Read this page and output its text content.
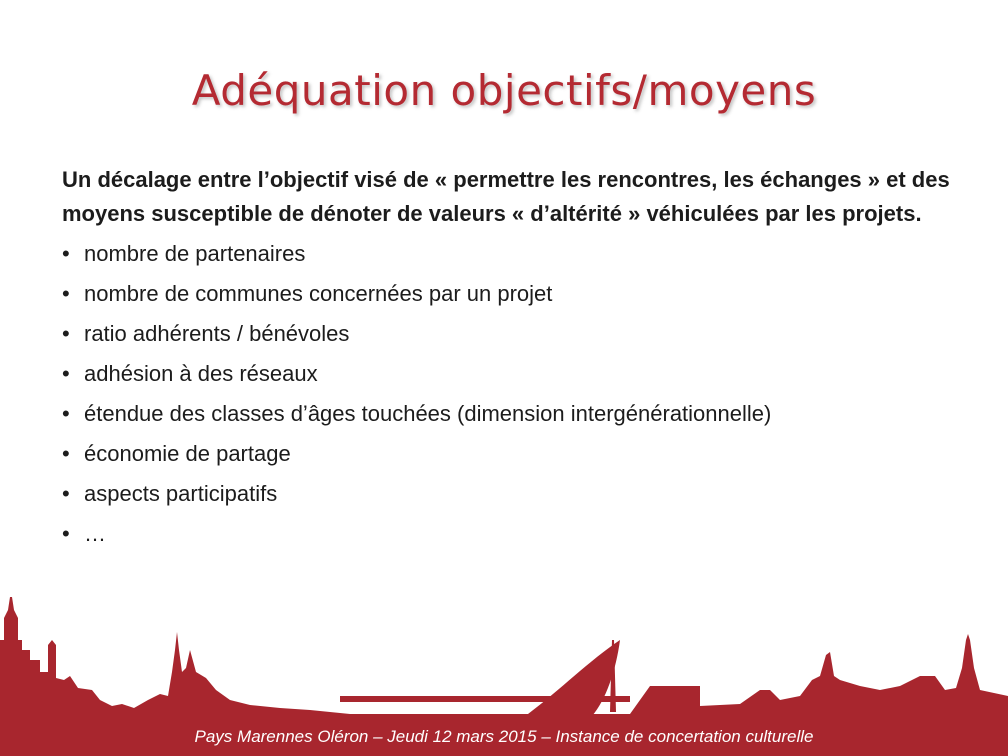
Adéquation objectifs/moyens
Un décalage entre l’objectif visé de « permettre les rencontres, les échanges » et des moyens susceptible de dénoter de valeurs « d’altérité » véhiculées par les projets.
• nombre de partenaires
• nombre de communes concernées par un projet
• ratio adhérents / bénévoles
• adhésion à des réseaux
• étendue des classes d’âges touchées (dimension intergénérationnelle)
• économie de partage
• aspects participatifs
• …
Pays Marennes Oléron – Jeudi 12 mars 2015 – Instance de concertation culturelle
